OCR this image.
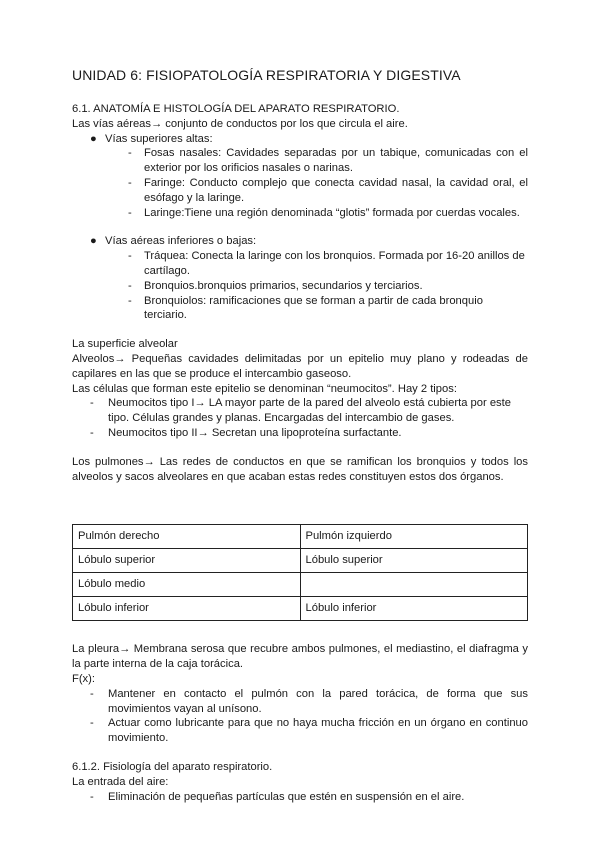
UNIDAD 6: FISIOPATOLOGÍA RESPIRATORIA Y DIGESTIVA

6.1. ANATOMÍA E HISTOLOGÍA DEL APARATO RESPIRATORIO.

Las vías aéreas→ conjunto de conductos por los que circula el aire.

● Vías superiores altas:
- Fosas nasales: Cavidades separadas por un tabique, comunicadas con el exterior por los orificios nasales o narinas.
- Faringe: Conducto complejo que conecta cavidad nasal, la cavidad oral, el esófago y la laringe.
- Laringe:Tiene una región denominada “glotis” formada por cuerdas vocales.
● Vías aéreas inferiores o bajas:
- Tráquea: Conecta la laringe con los bronquios. Formada por 16-20 anillos de cartílago.
- Bronquios.bronquios primarios, secundarios y terciarios.
- Bronquiolos: ramificaciones que se forman a partir de cada bronquio terciario.

La superficie alveolar

Alveolos→ Pequeñas cavidades delimitadas por un epitelio muy plano y rodeadas de capilares en las que se produce el intercambio gaseoso.

Las células que forman este epitelio se denominan “neumocitos”. Hay 2 tipos:

- Neumocitos tipo I→ LA mayor parte de la pared del alveolo está cubierta por este tipo. Células grandes y planas. Encargadas del intercambio de gases.
- Neumocitos tipo II→ Secretan una lipoproteína surfactante.

Los pulmones→ Las redes de conductos en que se ramifican los bronquios y todos los alveolos y sacos alveolares en que acaban estas redes constituyen estos dos órganos.

Pulmón derecho	Pulmón izquierdo
Lóbulo superior	Lóbulo superior
Lóbulo medio	
Lóbulo inferior	Lóbulo inferior

La pleura→ Membrana serosa que recubre ambos pulmones, el mediastino, el diafragma y la parte interna de la caja torácica.

F(x):

- Mantener en contacto el pulmón con la pared torácica, de forma que sus movimientos vayan al unísono.
- Actuar como lubricante para que no haya mucha fricción en un órgano en continuo movimiento.

6.1.2. Fisiología del aparato respiratorio.

La entrada del aire:

- Eliminación de pequeñas partículas que estén en suspensión en el aire.
